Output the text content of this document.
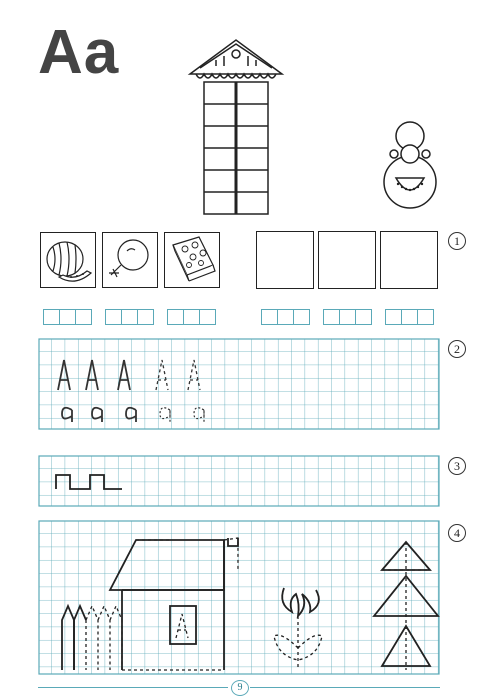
Aa
1
2
3
4
9
